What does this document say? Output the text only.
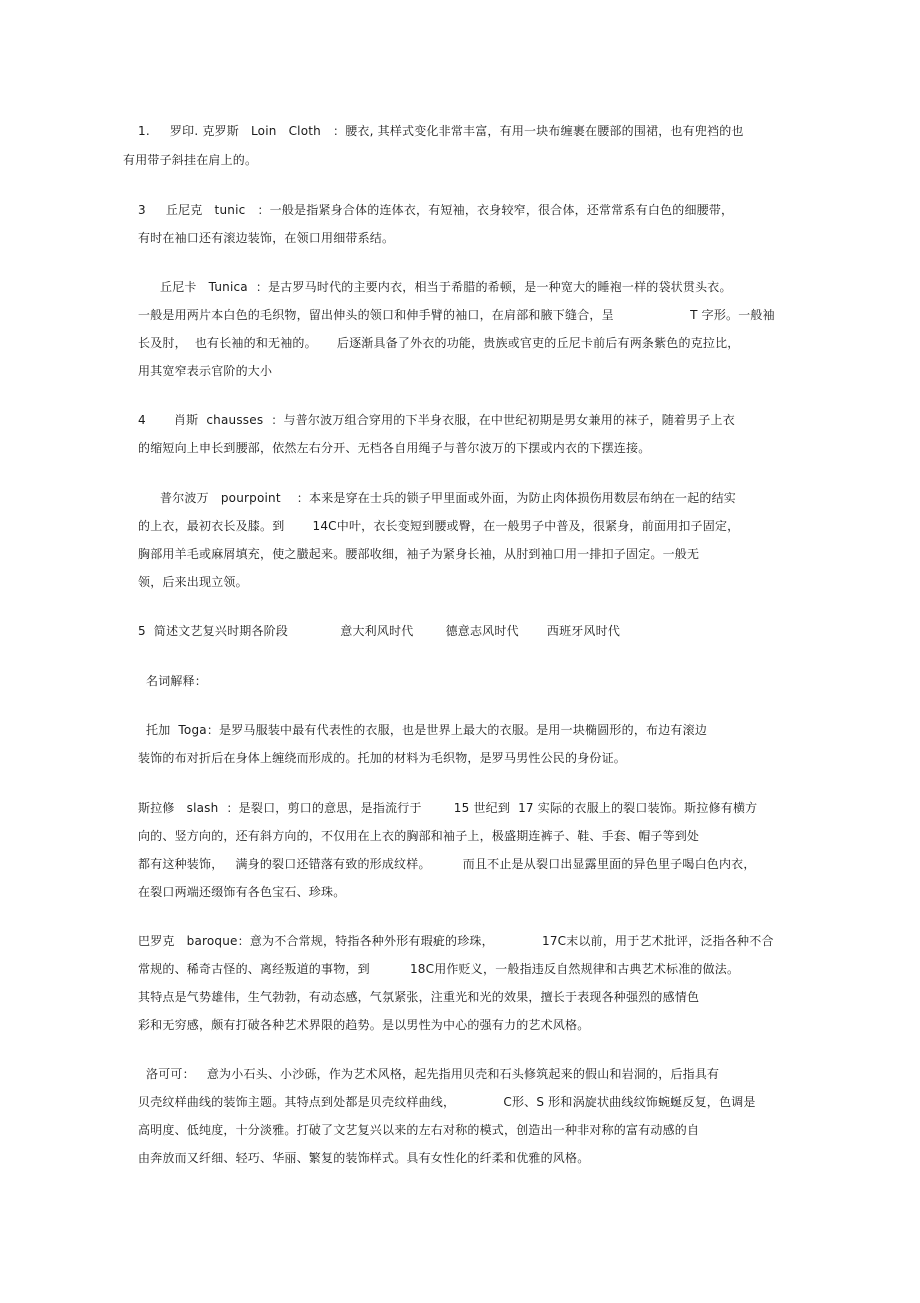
1.     罗印. 克罗斯   Loin   Cloth   ：腰衣, 其样式变化非常丰富，有用一块布缠裹在腰部的围裙，也有兜裆的也
有用带子斜挂在肩上的。
3     丘尼克   tunic   ：一般是指紧身合体的连体衣，有短袖，衣身较窄，很合体，还常常系有白色的细腰带，
有时在袖口还有滚边装饰，在领口用细带系结。
丘尼卡   Tunica  ：是古罗马时代的主要内衣，相当于希腊的希顿，是一种宽大的睡袍一样的袋状贯头衣。
一般是用两片本白色的毛织物，留出伸头的领口和伸手臂的袖口，在肩部和腋下缝合，呈                   T 字形。一般袖
长及肘，  也有长袖的和无袖的。     后逐渐具备了外衣的功能，贵族或官吏的丘尼卡前后有两条紫色的克拉比，
用其宽窄表示官阶的大小
4       肖斯  chausses  ：与普尔波万组合穿用的下半身衣服，在中世纪初期是男女兼用的袜子，随着男子上衣
的缩短向上申长到腰部，依然左右分开、无档各自用绳子与普尔波万的下摆或内衣的下摆连接。
普尔波万   pourpoint    ：本来是穿在士兵的锁子甲里面或外面，为防止肉体损伤用数层布纳在一起的结实
的上衣，最初衣长及膝。到       14C中叶，衣长变短到腰或臀，在一般男子中普及，很紧身，前面用扣子固定，
胸部用羊毛或麻屑填充，使之臌起来。腰部收细，袖子为紧身长袖，从肘到袖口用一排扣子固定。一般无
领，后来出现立领。
5  简述文艺复兴时期各阶段             意大利风时代        德意志风时代       西班牙风时代
名词解释：
托加  Toga：是罗马服装中最有代表性的衣服，也是世界上最大的衣服。是用一块椭圆形的，布边有滚边
装饰的布对折后在身体上缠绕而形成的。托加的材料为毛织物，是罗马男性公民的身份证。
斯拉修   slash  ：是裂口，剪口的意思，是指流行于        15 世纪到  17 实际的衣服上的裂口装饰。斯拉修有横方
向的、竖方向的，还有斜方向的，不仅用在上衣的胸部和袖子上，极盛期连裤子、鞋、手套、帽子等到处
都有这种装饰，   满身的裂口还错落有致的形成纹样。        而且不止是从裂口出显露里面的异色里子喝白色内衣，
在裂口两端还缀饰有各色宝石、珍珠。
巴罗克   baroque：意为不合常规，特指各种外形有瑕疵的珍珠，            17C末以前，用于艺术批评，泛指各种不合
常规的、稀奇古怪的、离经叛道的事物，到          18C用作贬义，一般指违反自然规律和古典艺术标准的做法。
其特点是气势雄伟，生气勃勃，有动态感，气氛紧张，注重光和光的效果，擅长于表现各种强烈的感情色
彩和无穷感，颇有打破各种艺术界限的趋势。是以男性为中心的强有力的艺术风格。
洛可可：   意为小石头、小沙砾，作为艺术风格，起先指用贝壳和石头修筑起来的假山和岩洞的，后指具有
贝壳纹样曲线的装饰主题。其特点到处都是贝壳纹样曲线，            C形、S 形和涡旋状曲线纹饰蜿蜒反复，色调是
高明度、低纯度，十分淡雅。打破了文艺复兴以来的左右对称的模式，创造出一种非对称的富有动感的自
由奔放而又纤细、轻巧、华丽、繁复的装饰样式。具有女性化的纤柔和优雅的风格。
